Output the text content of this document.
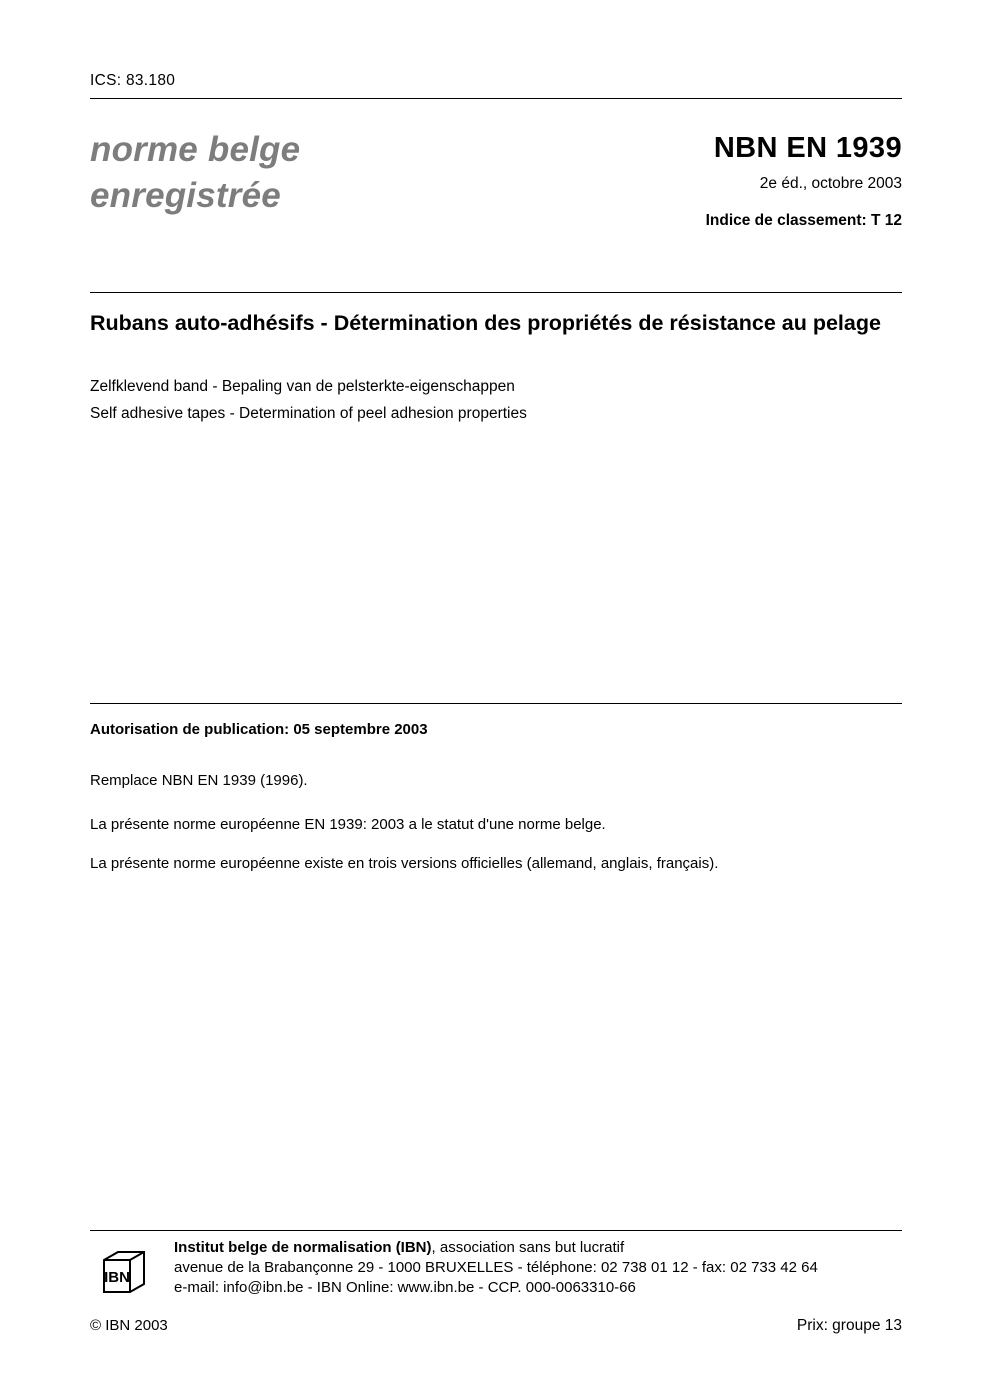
ICS: 83.180
norme belge
enregistrée
NBN EN 1939
2e éd., octobre 2003
Indice de classement: T 12
Rubans auto-adhésifs - Détermination des propriétés de résistance au pelage
Zelfklevend band - Bepaling van de pelsterkte-eigenschappen
Self adhesive tapes - Determination of peel adhesion properties
Autorisation de publication: 05 septembre 2003
Remplace NBN EN 1939 (1996).
La présente norme européenne EN 1939: 2003 a le statut d'une norme belge.
La présente norme européenne existe en trois versions officielles (allemand, anglais, français).
IBN
Institut belge de normalisation (IBN), association sans but lucratif
avenue de la Brabançonne 29 - 1000 BRUXELLES - téléphone: 02 738 01 12 - fax: 02 733 42 64
e-mail: info@ibn.be - IBN Online: www.ibn.be - CCP. 000-0063310-66
© IBN 2003	Prix: groupe 13
